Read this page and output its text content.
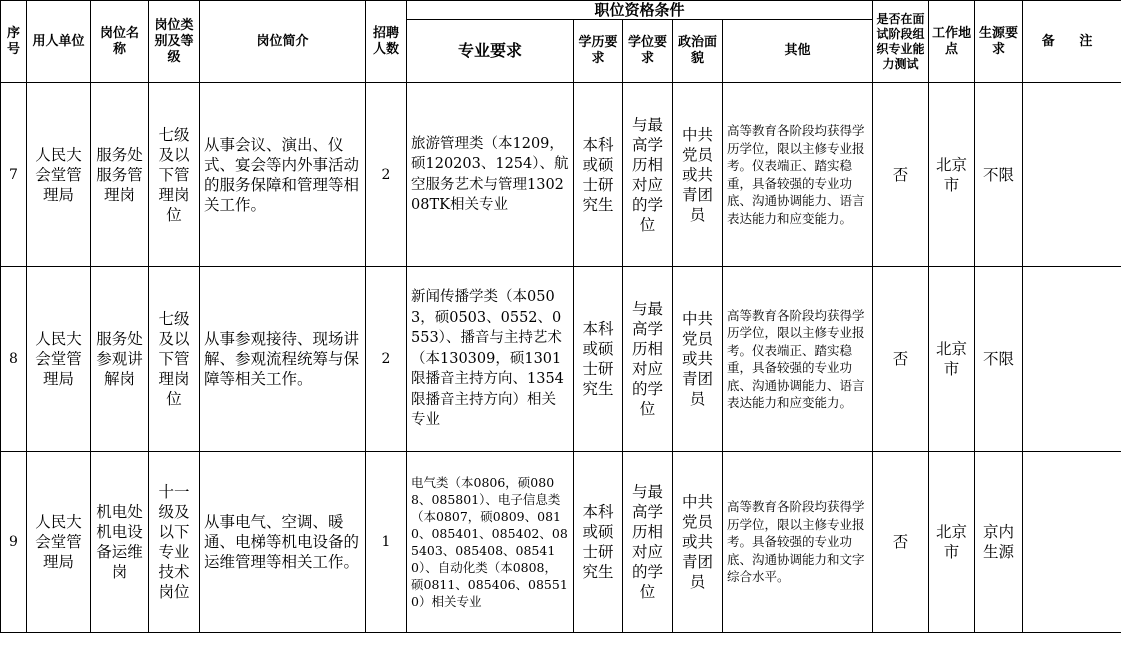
序号	用人单位	岗位名称	岗位类别及等级	岗位简介	招聘人数	职位资格条件					是否在面试阶段组织专业能力测试	工作地点	生源要求	备 注
						专业要求	学历要求	学位要求	政治面貌	其他				
7	人民大会堂管理局	服务处服务管理岗	七级及以下管理岗位	从事会议、演出、仪式、宴会等内外事活动的服务保障和管理等相关工作。	2	旅游管理类（本1209，硕120203、1254）、航空服务艺术与管理130208TK相关专业	本科或硕士研究生	与最高学历相对应的学位	中共党员或共青团员	高等教育各阶段均获得学历学位，限以主修专业报考。仪表端正、踏实稳重，具备较强的专业功底、沟通协调能力、语言表达能力和应变能力。	否	北京市	不限	
8	人民大会堂管理局	服务处参观讲解岗	七级及以下管理岗位	从事参观接待、现场讲解、参观流程统筹与保障等相关工作。	2	新闻传播学类（本0503，硕0503、0552、0553）、播音与主持艺术（本130309，硕1301限播音主持方向、1354限播音主持方向）相关专业	本科或硕士研究生	与最高学历相对应的学位	中共党员或共青团员	高等教育各阶段均获得学历学位，限以主修专业报考。仪表端正、踏实稳重，具备较强的专业功底、沟通协调能力、语言表达能力和应变能力。	否	北京市	不限	
9	人民大会堂管理局	机电处机电设备运维岗	十一级及以下专业技术岗位	从事电气、空调、暖通、电梯等机电设备的运维管理等相关工作。	1	电气类（本0806，硕0808、085801）、电子信息类（本0807，硕0809、0810、085401、085402、085403、085408、085410）、自动化类（本0808，硕0811、085406、085510）相关专业	本科或硕士研究生	与最高学历相对应的学位	中共党员或共青团员	高等教育各阶段均获得学历学位，限以主修专业报考。具备较强的专业功底、沟通协调能力和文字综合水平。	否	北京市	京内生源	
